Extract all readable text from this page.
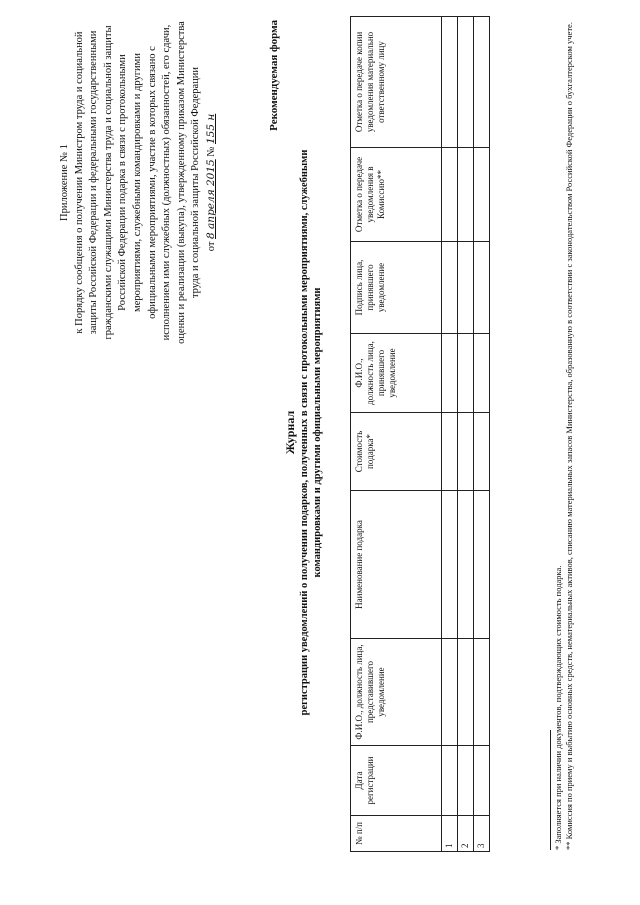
Приложение № 1 к Порядку сообщения о получении Министром труда и социальной защиты Российской Федерации и федеральными государственными гражданскими служащими Министерства труда и социальной защиты Российской Федерации подарка в связи с протокольными мероприятиями, служебными командировками и другими официальными мероприятиями, участие в которых связано с исполнением ими служебных (должностных) обязанностей, его сдачи, оценки и реализации (выкупа), утвержденному приказом Министерства труда и социальной защиты Российской Федерации от 8 апреля 2015 № 155 н	Рекомендуемая форма
Журнал регистрации уведомлений о получении подарков, полученных в связи с протокольными мероприятиями, служебными командировками и другими официальными мероприятиями
№ п/п	Дата регистрации	Ф.И.О., должность лица, представившего уведомление	Наименование подарка	Стоимость подарка*	Ф.И.О., должность лица, принявшего уведомление	Подпись лица, принявшего уведомление	Отметка о передаче уведомления в Комиссию**	Отметка о передаче копии уведомления материально ответственному лицу
1								
2								
3									* Заполняется при наличии документов, подтверждающих стоимость подарка. ** Комиссия по приему и выбытию основных средств, нематериальных активов, списанию материальных запасов Министерства, образованную в соответствии с законодательством Российской Федерации о бухгалтерском учете.
